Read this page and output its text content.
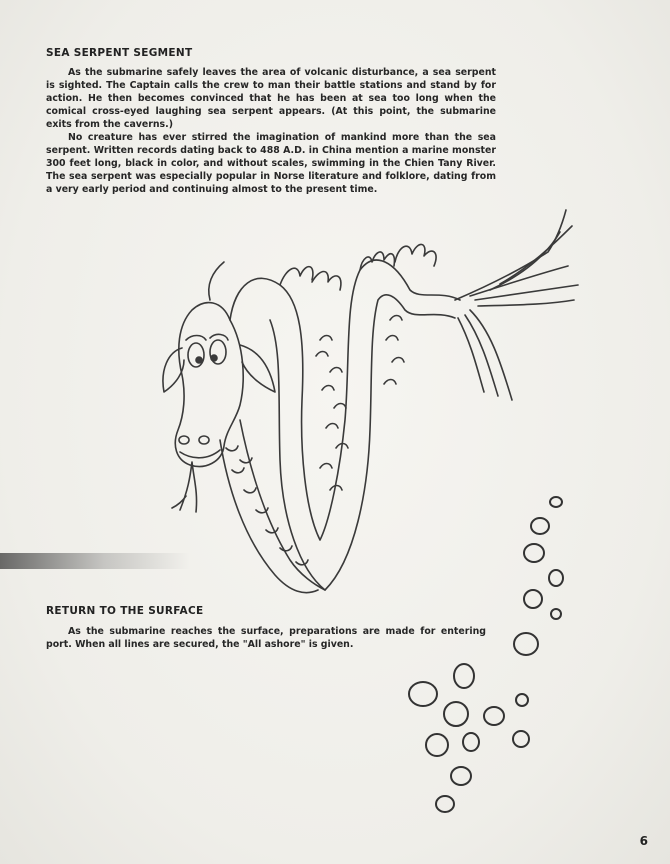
SEA SERPENT SEGMENT

As the submarine safely leaves the area of volcanic disturbance, a sea serpent is sighted. The Captain calls the crew to man their battle stations and stand by for action. He then becomes convinced that he has been at sea too long when the comical cross-eyed laughing sea serpent appears. (At this point, the submarine exits from the caverns.)

No creature has ever stirred the imagination of mankind more than the sea serpent. Written records dating back to 488 A.D. in China mention a marine monster 300 feet long, black in color, and without scales, swimming in the Chien Tany River. The sea serpent was especially popular in Norse literature and folklore, dating from a very early period and continuing almost to the present time.

RETURN TO THE SURFACE

As the submarine reaches the surface, preparations are made for entering port. When all lines are secured, the "All ashore" is given.

6
